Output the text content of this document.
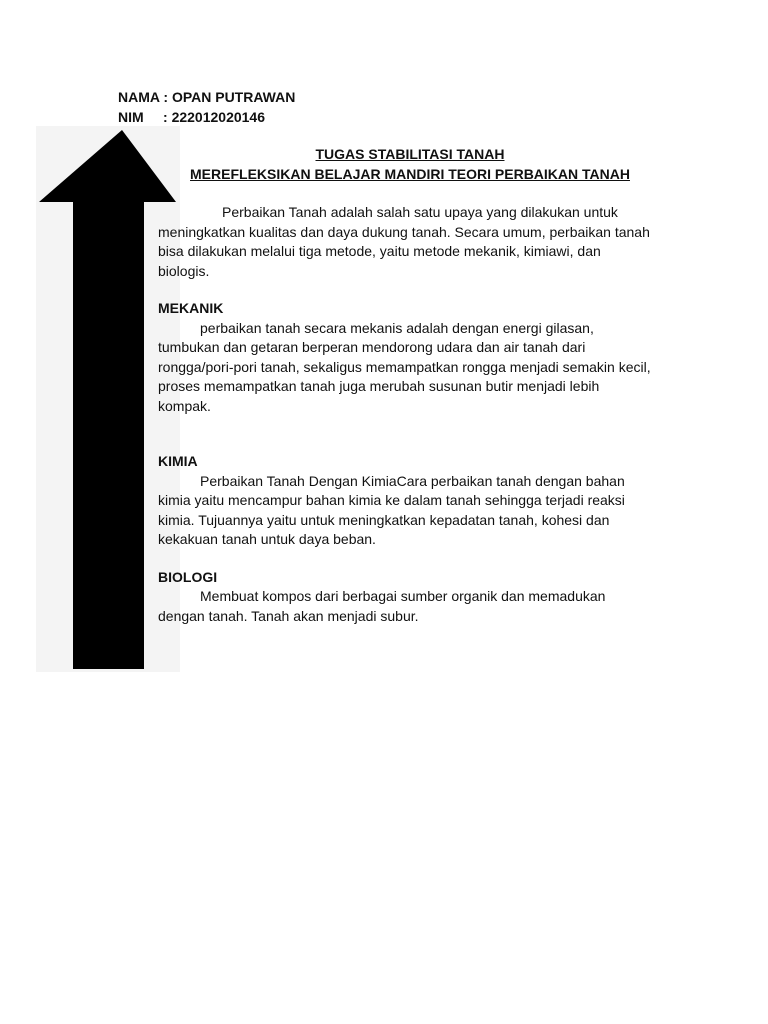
NAMA : OPAN PUTRAWAN
NIM : 222012020146
TUGAS STABILITASI TANAH
MEREFLEKSIKAN BELAJAR MANDIRI TEORI PERBAIKAN TANAH

Perbaikan Tanah adalah salah satu upaya yang dilakukan untuk meningkatkan kualitas dan daya dukung tanah. Secara umum, perbaikan tanah bisa dilakukan melalui tiga metode, yaitu metode mekanik, kimiawi, dan biologis.

MEKANIK

perbaikan tanah secara mekanis adalah dengan energi gilasan, tumbukan dan getaran berperan mendorong udara dan air tanah dari rongga/pori-pori tanah, sekaligus memampatkan rongga menjadi semakin kecil, proses memampatkan tanah juga merubah susunan butir menjadi lebih kompak.

KIMIA

Perbaikan Tanah Dengan KimiaCara perbaikan tanah dengan bahan kimia yaitu mencampur bahan kimia ke dalam tanah sehingga terjadi reaksi kimia. Tujuannya yaitu untuk meningkatkan kepadatan tanah, kohesi dan kekakuan tanah untuk daya beban.

BIOLOGI

Membuat kompos dari berbagai sumber organik dan memadukan dengan tanah. Tanah akan menjadi subur.
